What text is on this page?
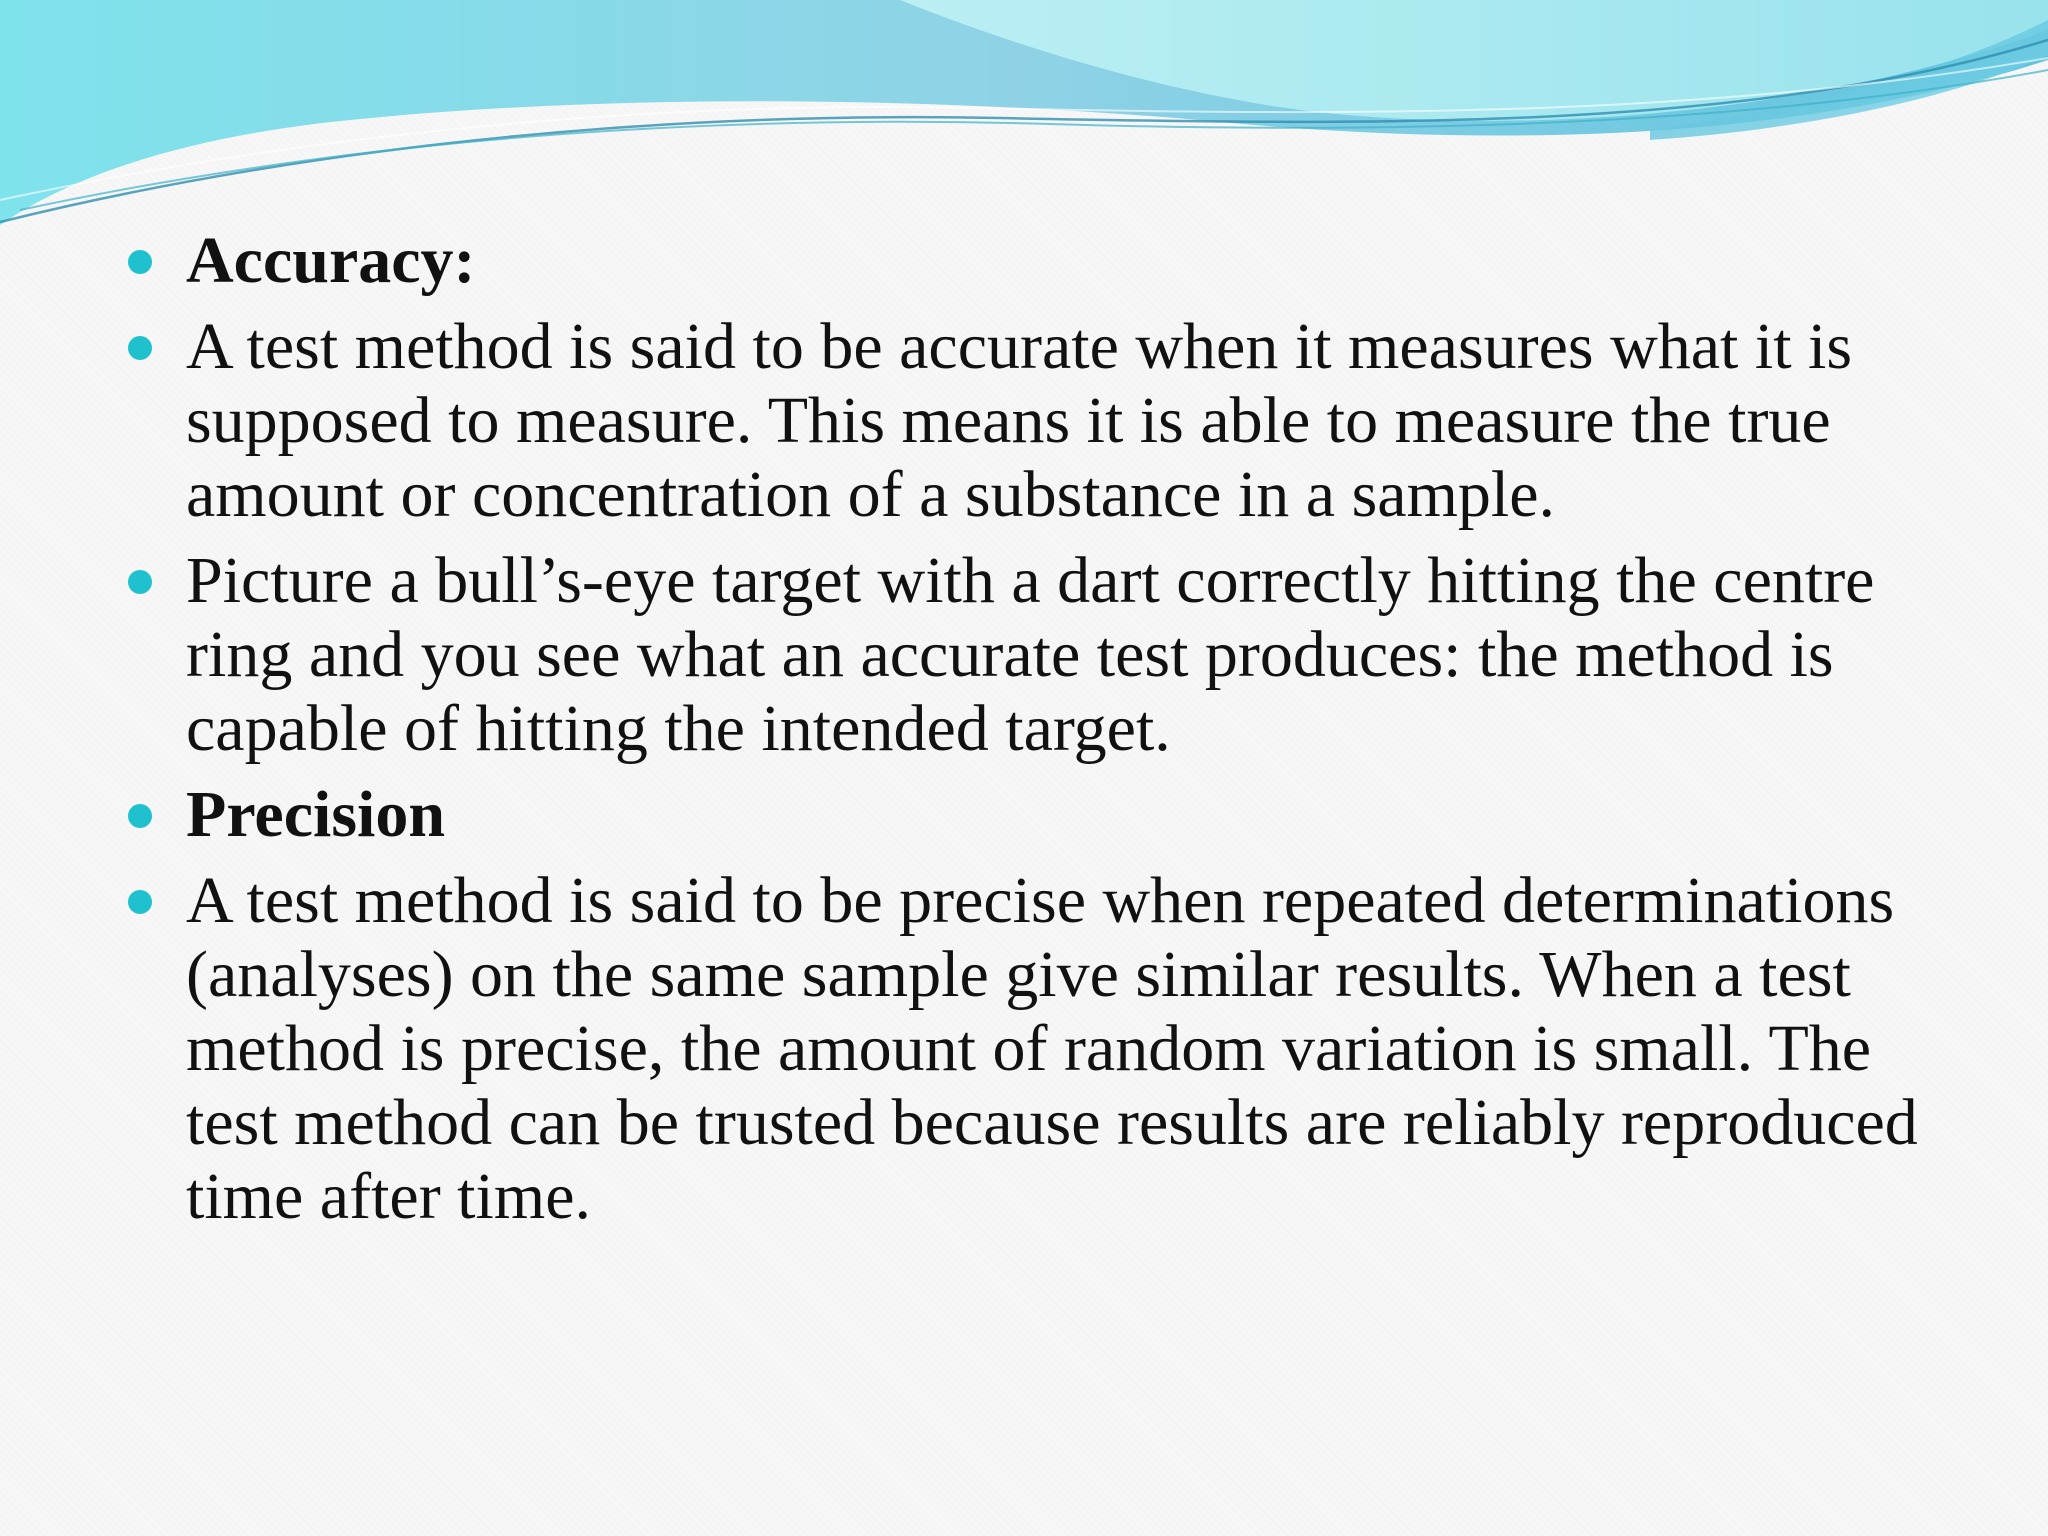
Accuracy:
A test method is said to be accurate when it measures what it is supposed to measure. This means it is able to measure the true amount or concentration of a substance in a sample.
Picture a bull’s-eye target with a dart correctly hitting the centre ring and you see what an accurate test produces: the method is capable of hitting the intended target.
Precision
A test method is said to be precise when repeated determinations (analyses) on the same sample give similar results. When a test method is precise, the amount of random variation is small. The test method can be trusted because results are reliably reproduced time after time.
